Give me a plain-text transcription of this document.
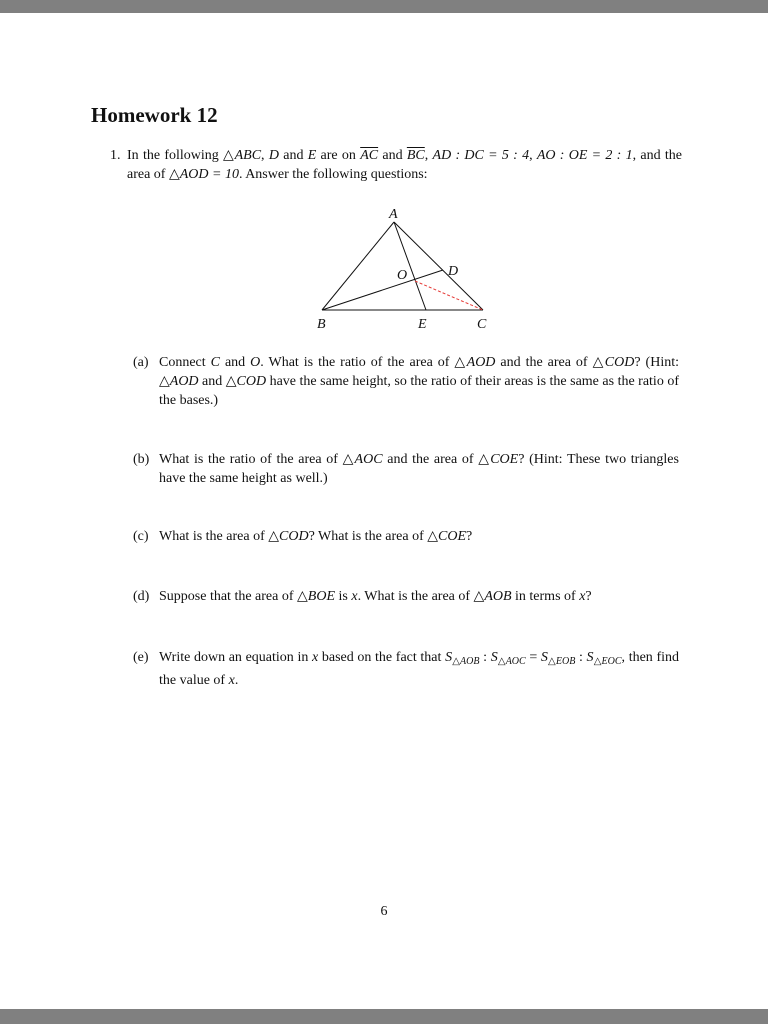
Homework 12
1. In the following △ABC, D and E are on $\overline{AC}$ and $\overline{BC}$, AD : DC = 5 : 4, AO : OE = 2 : 1, and the area of △AOD = 10. Answer the following questions:
A
D
O
B	E	C
(a) Connect C and O. What is the ratio of the area of △AOD and the area of △COD? (Hint: △AOD and △COD have the same height, so the ratio of their areas is the same as the ratio of the bases.)
(b) What is the ratio of the area of △AOC and the area of △COE? (Hint: These two triangles have the same height as well.)
(c) What is the area of △COD? What is the area of △COE?
(d) Suppose that the area of △BOE is x. What is the area of △AOB in terms of x?
(e) Write down an equation in x based on the fact that $S_{\triangle AOB}$ : $S_{\triangle AOC} = S_{\triangle EOB}$ : $S_{\triangle EOC}$, then find the value of x.
6
